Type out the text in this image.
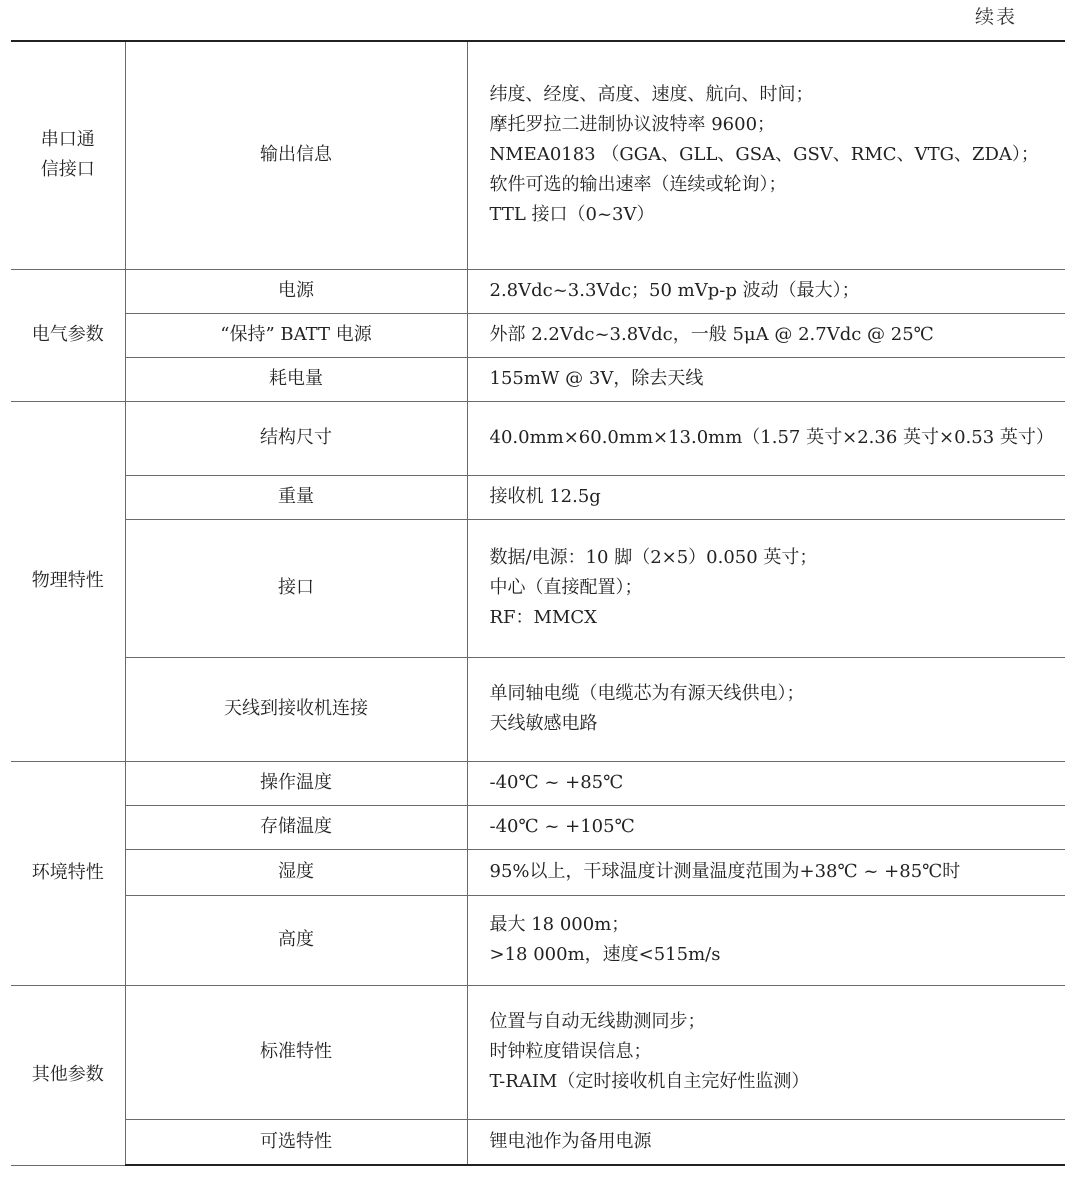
续表
串口通信接口	输出信息	纬度、经度、高度、速度、航向、时间；
摩托罗拉二进制协议波特率 9600；
NMEA0183 （GGA、GLL、GSA、GSV、RMC、VTG、ZDA）；
软件可选的输出速率（连续或轮询）；
TTL 接口（0~3V）

电气参数	电源	2.8Vdc~3.3Vdc；50 mVp-p 波动（最大）；

	“保持” BATT 电源	外部 2.2Vdc~3.8Vdc，一般 5μA @ 2.7Vdc @ 25℃

	耗电量	155mW @ 3V，除去天线

物理特性	结构尺寸	40.0mm×60.0mm×13.0mm（1.57 英寸×2.36 英寸×0.53 英寸）

	重量	接收机 12.5g

	接口	数据/电源：10 脚（2×5）0.050 英寸；
中心（直接配置）；
RF：MMCX

	天线到接收机连接	单同轴电缆（电缆芯为有源天线供电）；
天线敏感电路

环境特性	操作温度	-40℃ ~ +85℃

	存储温度	-40℃ ~ +105℃

	湿度	95%以上，干球温度计测量温度范围为+38℃ ~ +85℃时

	高度	最大 18 000m；
>18 000m，速度<515m/s

其他参数	标准特性	位置与自动无线勘测同步；
时钟粒度错误信息；
T-RAIM（定时接收机自主完好性监测）

	可选特性	锂电池作为备用电源
